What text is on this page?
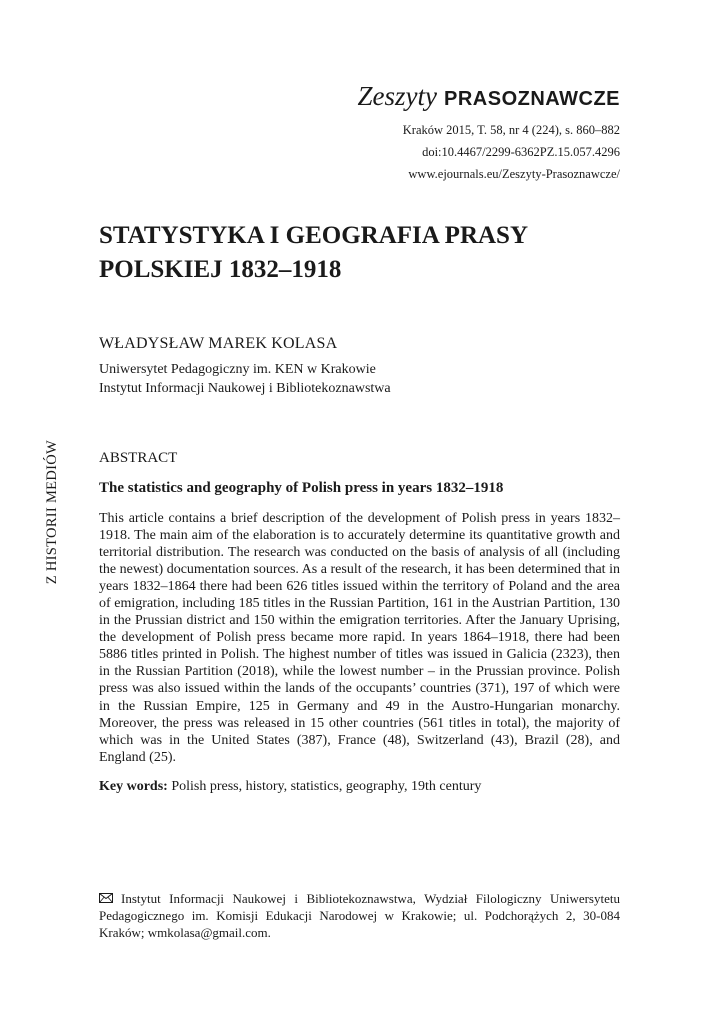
Zeszyty PRASOZNAWCZE
Kraków 2015, T. 58, nr 4 (224), s. 860–882
doi:10.4467/2299-6362PZ.15.057.4296
www.ejournals.eu/Zeszyty-Prasoznawcze/
Z HISTORII MEDIÓW
STATYSTYKA I GEOGRAFIA PRASY POLSKIEJ 1832–1918
WŁADYSŁAW MAREK KOLASA
Uniwersytet Pedagogiczny im. KEN w Krakowie
Instytut Informacji Naukowej i Bibliotekoznawstwa
ABSTRACT
The statistics and geography of Polish press in years 1832–1918

This article contains a brief description of the development of Polish press in years 1832–1918. The main aim of the elaboration is to accurately determine its quantitative growth and territorial distribution. The research was conducted on the basis of analysis of all (including the newest) documentation sources. As a result of the research, it has been determined that in years 1832–1864 there had been 626 titles issued within the territory of Poland and the area of emigration, including 185 titles in the Russian Partition, 161 in the Austrian Partition, 130 in the Prussian district and 150 within the emigration territories. After the January Uprising, the development of Polish press became more rapid. In years 1864–1918, there had been 5886 titles printed in Polish. The highest number of titles was issued in Galicia (2323), then in the Russian Partition (2018), while the lowest number – in the Prussian province. Polish press was also issued within the lands of the occupants’ countries (371), 197 of which were in the Russian Empire, 125 in Germany and 49 in the Austro-Hungarian monarchy. Moreover, the press was released in 15 other countries (561 titles in total), the majority of which was in the United States (387), France (48), Switzerland (43), Brazil (28), and England (25).

Key words: Polish press, history, statistics, geography, 19th century

Instytut Informacji Naukowej i Bibliotekoznawstwa, Wydział Filologiczny Uniwersytetu Pedagogicznego im. Komisji Edukacji Narodowej w Krakowie; ul. Podchorążych 2, 30-084 Kraków; wmkolasa@gmail.com.
